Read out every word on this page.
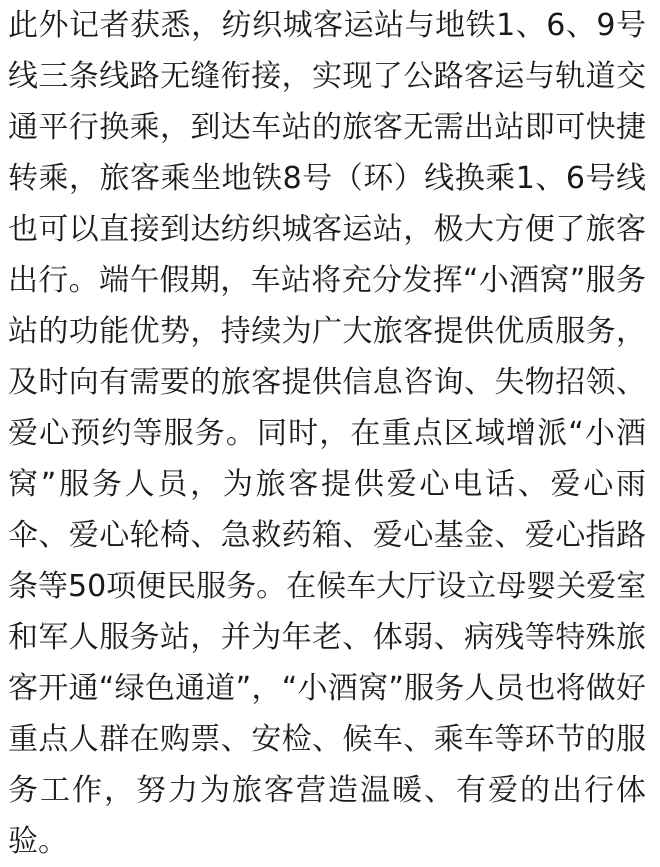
此外记者获悉，纺织城客运站与地铁1、6、9号
线三条线路无缝衔接，实现了公路客运与轨道交
通平行换乘，到达车站的旅客无需出站即可快捷
转乘，旅客乘坐地铁8号（环）线换乘1、6号线
也可以直接到达纺织城客运站，极大方便了旅客
出行。端午假期，车站将充分发挥“小酒窝”服务
站的功能优势，持续为广大旅客提供优质服务，
及时向有需要的旅客提供信息咨询、失物招领、
爱心预约等服务。同时，在重点区域增派“小酒
窝”服务人员，为旅客提供爱心电话、爱心雨
伞、爱心轮椅、急救药箱、爱心基金、爱心指路
条等50项便民服务。在候车大厅设立母婴关爱室
和军人服务站，并为年老、体弱、病残等特殊旅
客开通“绿色通道”，“小酒窝”服务人员也将做好
重点人群在购票、安检、候车、乘车等环节的服
务工作，努力为旅客营造温暖、有爱的出行体
验。
